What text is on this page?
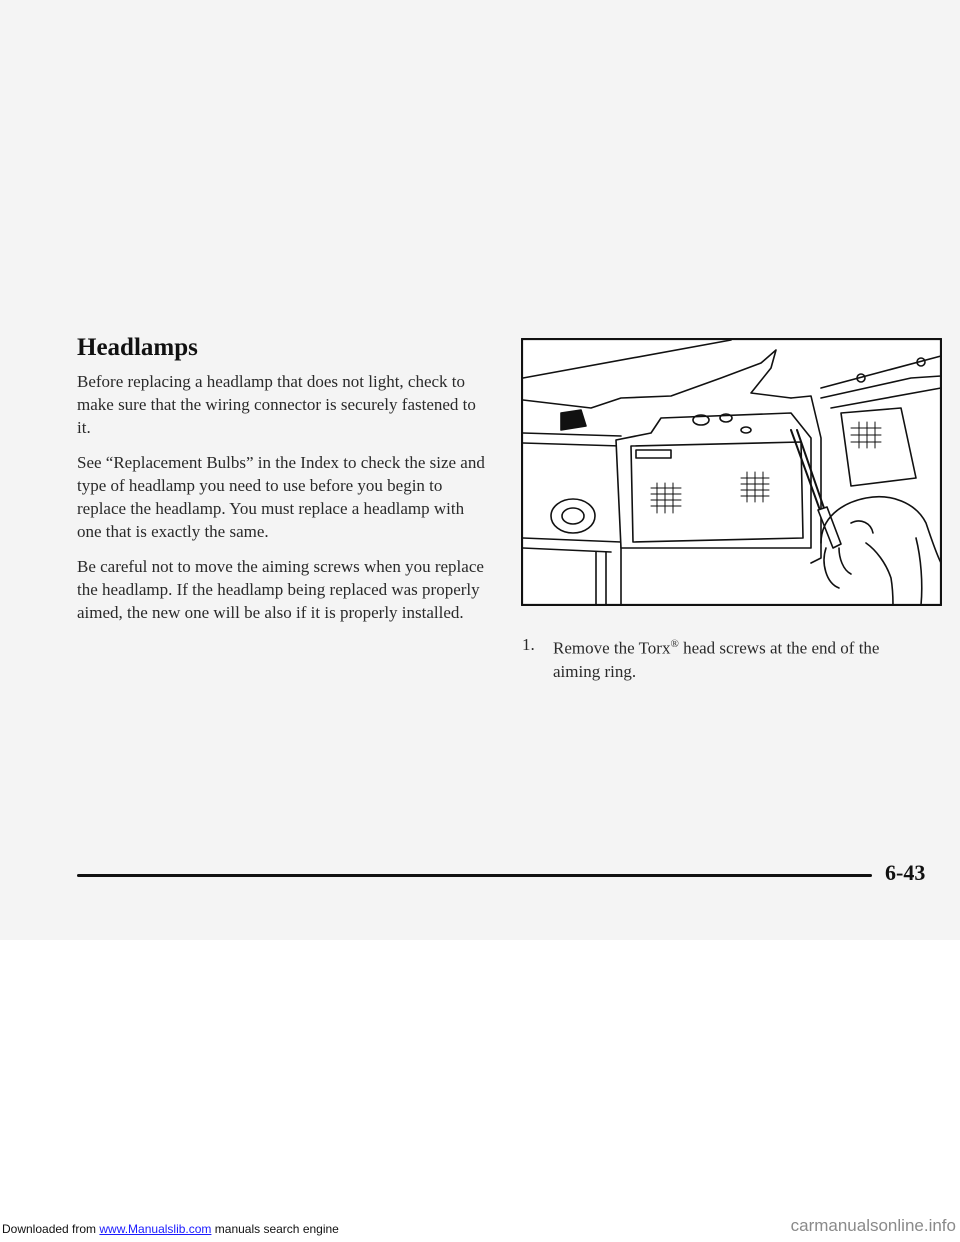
Headlamps

Before replacing a headlamp that does not light, check to make sure that the wiring connector is securely fastened to it.

See “Replacement Bulbs” in the Index to check the size and type of headlamp you need to use before you begin to replace the headlamp. You must replace a headlamp with one that is exactly the same.

Be careful not to move the aiming screws when you replace the headlamp. If the headlamp being replaced was properly aimed, the new one will be also if it is properly installed.

1.	Remove the Torx® head screws at the end of the aiming ring.
6-43
Downloaded from www.Manualslib.com manuals search engine	carmanualsonline.info
